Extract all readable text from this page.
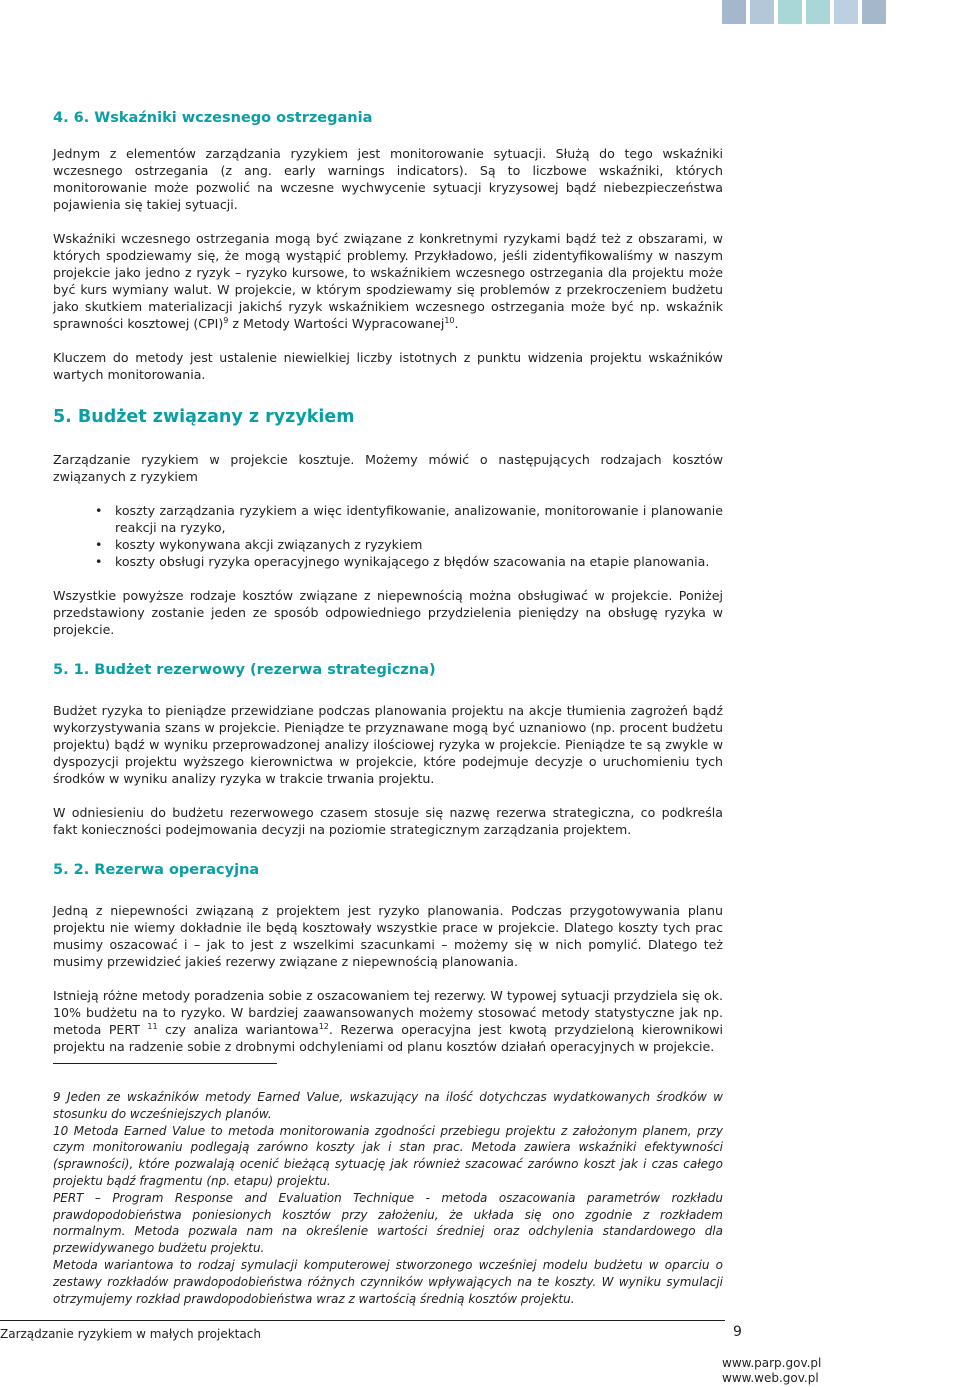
4. 6. Wskaźniki wczesnego ostrzegania

Jednym z elementów zarządzania ryzykiem jest monitorowanie sytuacji. Służą do tego wskaźniki wczesnego ostrzegania (z ang. early warnings indicators). Są to liczbowe wskaźniki, których monitorowanie może pozwolić na wczesne wychwycenie sytuacji kryzysowej bądź niebezpieczeństwa pojawienia się takiej sytuacji.

Wskaźniki wczesnego ostrzegania mogą być związane z konkretnymi ryzykami bądź też z obszarami, w których spodziewamy się, że mogą wystąpić problemy. Przykładowo, jeśli zidentyfikowaliśmy w naszym projekcie jako jedno z ryzyk – ryzyko kursowe, to wskaźnikiem wczesnego ostrzegania dla projektu może być kurs wymiany walut. W projekcie, w którym spodziewamy się problemów z przekroczeniem budżetu jako skutkiem materializacji jakichś ryzyk wskaźnikiem wczesnego ostrzegania może być np. wskaźnik sprawności kosztowej (CPI)$^9$ z Metody Wartości Wypracowanej$^{10}$.

Kluczem do metody jest ustalenie niewielkiej liczby istotnych z punktu widzenia projektu wskaźników wartych monitorowania.

5. Budżet związany z ryzykiem

Zarządzanie ryzykiem w projekcie kosztuje. Możemy mówić o następujących rodzajach kosztów związanych z ryzykiem

• koszty zarządzania ryzykiem a więc identyfikowanie, analizowanie, monitorowanie i planowanie reakcji na ryzyko,
• koszty wykonywana akcji związanych z ryzykiem
• koszty obsługi ryzyka operacyjnego wynikającego z błędów szacowania na etapie planowania.

Wszystkie powyższe rodzaje kosztów związane z niepewnością można obsługiwać w projekcie. Poniżej przedstawiony zostanie jeden ze sposób odpowiedniego przydzielenia pieniędzy na obsługę ryzyka w projekcie.

5. 1. Budżet rezerwowy (rezerwa strategiczna)

Budżet ryzyka to pieniądze przewidziane podczas planowania projektu na akcje tłumienia zagrożeń bądź wykorzystywania szans w projekcie. Pieniądze te przyznawane mogą być uznaniowo (np. procent budżetu projektu) bądź w wyniku przeprowadzonej analizy ilościowej ryzyka w projekcie. Pieniądze te są zwykle w dyspozycji projektu wyższego kierownictwa w projekcie, które podejmuje decyzje o uruchomieniu tych środków w wyniku analizy ryzyka w trakcie trwania projektu.

W odniesieniu do budżetu rezerwowego czasem stosuje się nazwę rezerwa strategiczna, co podkreśla fakt konieczności podejmowania decyzji na poziomie strategicznym zarządzania projektem.

5. 2. Rezerwa operacyjna

Jedną z niepewności związaną z projektem jest ryzyko planowania. Podczas przygotowywania planu projektu nie wiemy dokładnie ile będą kosztowały wszystkie prace w projekcie. Dlatego koszty tych prac musimy oszacować i – jak to jest z wszelkimi szacunkami – możemy się w nich pomylić. Dlatego też musimy przewidzieć jakieś rezerwy związane z niepewnością planowania.

Istnieją różne metody poradzenia sobie z oszacowaniem tej rezerwy. W typowej sytuacji przydziela się ok. 10% budżetu na to ryzyko. W bardziej zaawansowanych możemy stosować metody statystyczne jak np. metoda PERT $^{11}$ czy analiza wariantowa$^{12}$. Rezerwa operacyjna jest kwotą przydzieloną kierownikowi projektu na radzenie sobie z drobnymi odchyleniami od planu kosztów działań operacyjnych w projekcie.

9 Jeden ze wskaźników metody Earned Value, wskazujący na ilość dotychczas wydatkowanych środków w stosunku do wcześniejszych planów.

10 Metoda Earned Value to metoda monitorowania zgodności przebiegu projektu z założonym planem, przy czym monitorowaniu podlegają zarówno koszty jak i stan prac. Metoda zawiera wskaźniki efektywności (sprawności), które pozwalają ocenić bieżącą sytuację jak również szacować zarówno koszt jak i czas całego projektu bądź fragmentu (np. etapu) projektu.

PERT – Program Response and Evaluation Technique - metoda oszacowania parametrów rozkładu prawdopodobieństwa poniesionych kosztów przy założeniu, że układa się ono zgodnie z rozkładem normalnym. Metoda pozwala nam na określenie wartości średniej oraz odchylenia standardowego dla przewidywanego budżetu projektu.

Metoda wariantowa to rodzaj symulacji komputerowej stworzonego wcześniej modelu budżetu w oparciu o zestawy rozkładów prawdopodobieństwa różnych czynników wpływających na te koszty. W wyniku symulacji otrzymujemy rozkład prawdopodobieństwa wraz z wartością średnią kosztów projektu.

Zarządzanie ryzykiem w małych projektach	9
www.parp.gov.pl
www.web.gov.pl
